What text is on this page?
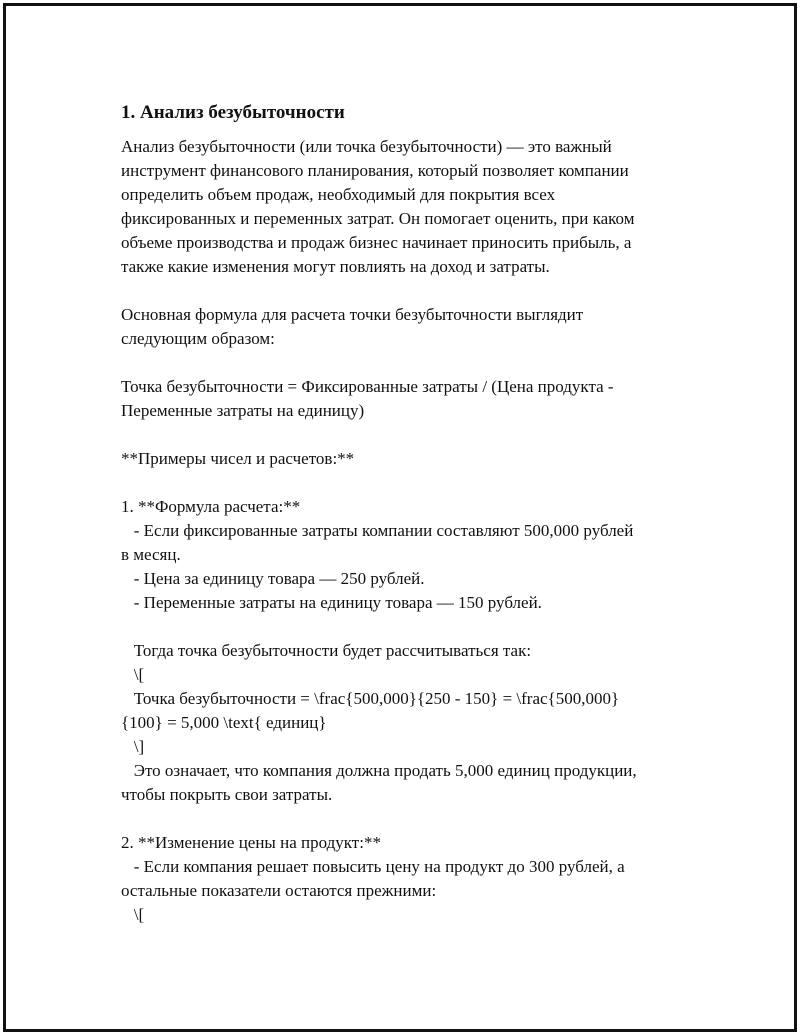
1. Анализ безубыточности
Анализ безубыточности (или точка безубыточности) — это важный
инструмент финансового планирования, который позволяет компании
определить объем продаж, необходимый для покрытия всех
фиксированных и переменных затрат. Он помогает оценить, при каком
объеме производства и продаж бизнес начинает приносить прибыль, а
также какие изменения могут повлиять на доход и затраты.
Основная формула для расчета точки безубыточности выглядит
следующим образом:
Точка безубыточности = Фиксированные затраты / (Цена продукта -
Переменные затраты на единицу)
**Примеры чисел и расчетов:**
1. **Формула расчета:**
- Если фиксированные затраты компании составляют 500,000 рублей
в месяц.
- Цена за единицу товара — 250 рублей.
- Переменные затраты на единицу товара — 150 рублей.
Тогда точка безубыточности будет рассчитываться так:
\[
Точка безубыточности = \frac{500,000}{250 - 150} = \frac{500,000}
{100} = 5,000 \text{ единиц}
\]
Это означает, что компания должна продать 5,000 единиц продукции,
чтобы покрыть свои затраты.
2. **Изменение цены на продукт:**
- Если компания решает повысить цену на продукт до 300 рублей, а
остальные показатели остаются прежними:
\[
